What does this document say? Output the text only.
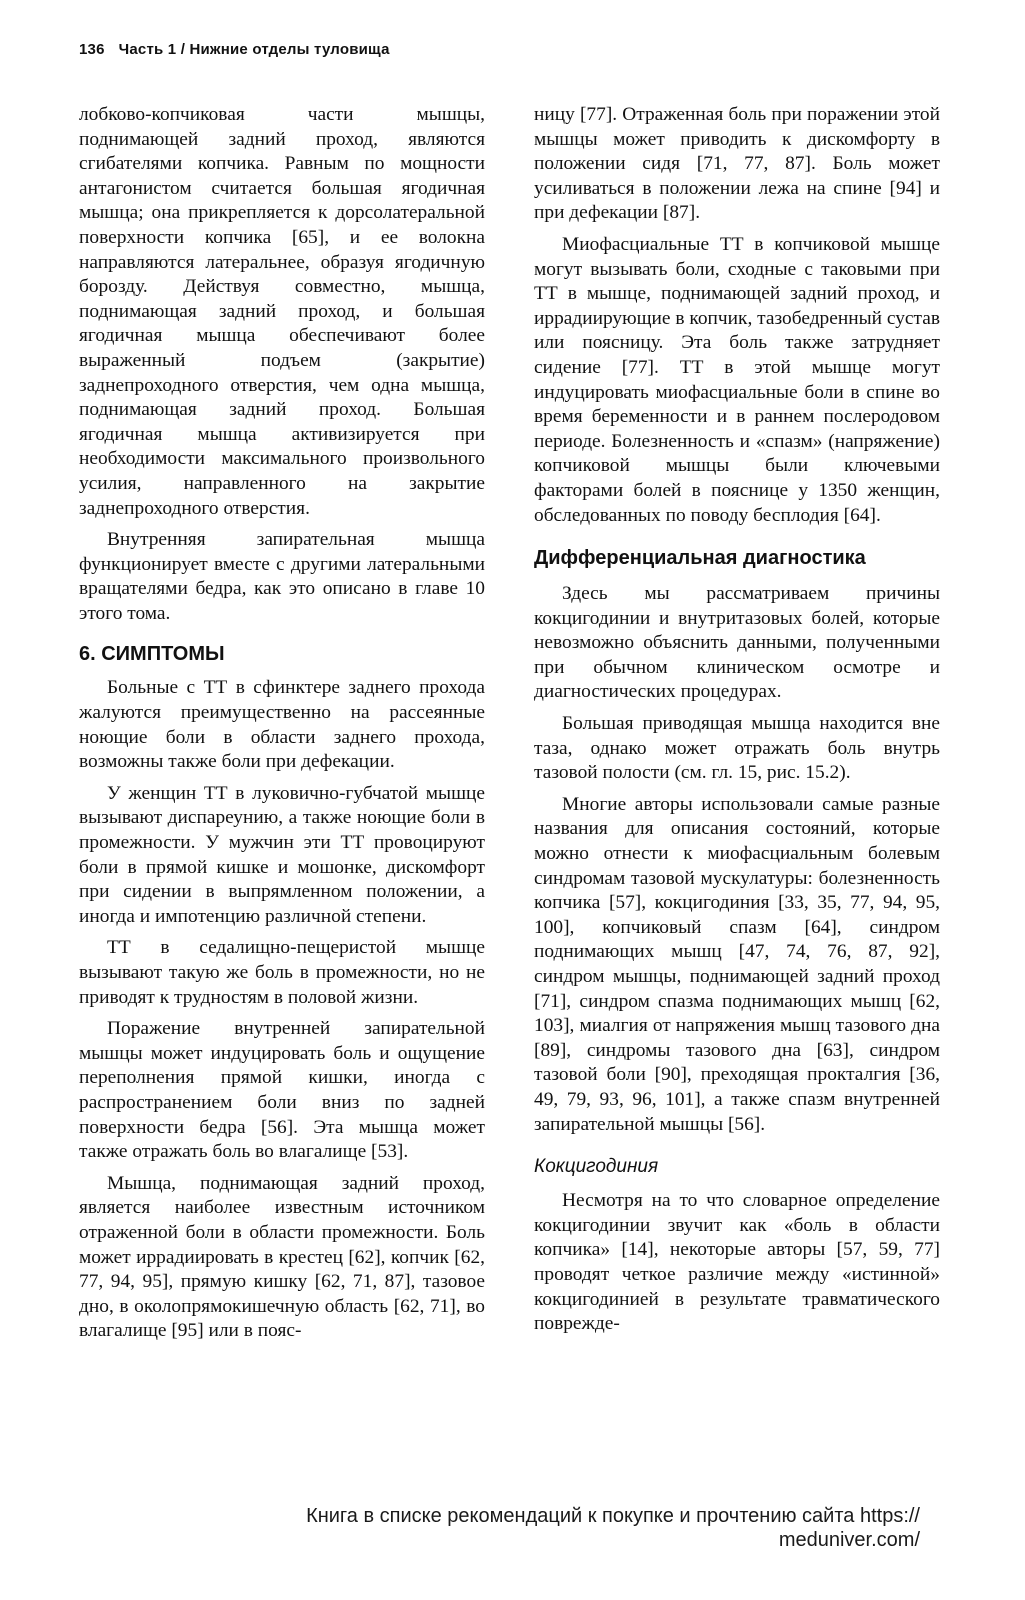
136 Часть 1 / Нижние отделы туловища

лобково-копчиковая части мышцы, поднимающей задний проход, являются сгибателями копчика. Равным по мощности антагонистом считается большая ягодичная мышца; она прикрепляется к дорсолатеральной поверхности копчика [65], и ее волокна направляются латеральнее, образуя ягодичную борозду. Действуя совместно, мышца, поднимающая задний проход, и большая ягодичная мышца обеспечивают более выраженный подъем (закрытие) заднепроходного отверстия, чем одна мышца, поднимающая задний проход. Большая ягодичная мышца активизируется при необходимости максимального произвольного усилия, направленного на закрытие заднепроходного отверстия.

Внутренняя запирательная мышца функционирует вместе с другими латеральными вращателями бедра, как это описано в главе 10 этого тома.

6. СИМПТОМЫ

Больные с ТТ в сфинктере заднего прохода жалуются преимущественно на рассеянные ноющие боли в области заднего прохода, возможны также боли при дефекации.

У женщин ТТ в луковично-губчатой мышце вызывают диспареунию, а также ноющие боли в промежности. У мужчин эти ТТ провоцируют боли в прямой кишке и мошонке, дискомфорт при сидении в выпрямленном положении, а иногда и импотенцию различной степени.

ТТ в седалищно-пещеристой мышце вызывают такую же боль в промежности, но не приводят к трудностям в половой жизни.

Поражение внутренней запирательной мышцы может индуцировать боль и ощущение переполнения прямой кишки, иногда с распространением боли вниз по задней поверхности бедра [56]. Эта мышца может также отражать боль во влагалище [53].

Мышца, поднимающая задний проход, является наиболее известным источником отраженной боли в области промежности. Боль может иррадиировать в крестец [62], копчик [62, 77, 94, 95], прямую кишку [62, 71, 87], тазовое дно, в околопрямокишечную область [62, 71], во влагалище [95] или в пояс-

ницу [77]. Отраженная боль при поражении этой мышцы может приводить к дискомфорту в положении сидя [71, 77, 87]. Боль может усиливаться в положении лежа на спине [94] и при дефекации [87].

Миофасциальные ТТ в копчиковой мышце могут вызывать боли, сходные с таковыми при ТТ в мышце, поднимающей задний проход, и иррадиирующие в копчик, тазобедренный сустав или поясницу. Эта боль также затрудняет сидение [77]. ТТ в этой мышце могут индуцировать миофасциальные боли в спине во время беременности и в раннем послеродовом периоде. Болезненность и «спазм» (напряжение) копчиковой мышцы были ключевыми факторами болей в пояснице у 1350 женщин, обследованных по поводу бесплодия [64].

Дифференциальная диагностика

Здесь мы рассматриваем причины кокцигодинии и внутритазовых болей, которые невозможно объяснить данными, полученными при обычном клиническом осмотре и диагностических процедурах.

Большая приводящая мышца находится вне таза, однако может отражать боль внутрь тазовой полости (см. гл. 15, рис. 15.2).

Многие авторы использовали самые разные названия для описания состояний, которые можно отнести к миофасциальным болевым синдромам тазовой мускулатуры: болезненность копчика [57], кокцигодиния [33, 35, 77, 94, 95, 100], копчиковый спазм [64], синдром поднимающих мышц [47, 74, 76, 87, 92], синдром мышцы, поднимающей задний проход [71], синдром спазма поднимающих мышц [62, 103], миалгия от напряжения мышц тазового дна [89], синдромы тазового дна [63], синдром тазовой боли [90], преходящая прокталгия [36, 49, 79, 93, 96, 101], а также спазм внутренней запирательной мышцы [56].

Кокцигодиния

Несмотря на то что словарное определение кокцигодинии звучит как «боль в области копчика» [14], некоторые авторы [57, 59, 77] проводят четкое различие между «истинной» кокцигодинией в результате травматического поврежде-

Книга в списке рекомендаций к покупке и прочтению сайта https://
meduniver.com/
